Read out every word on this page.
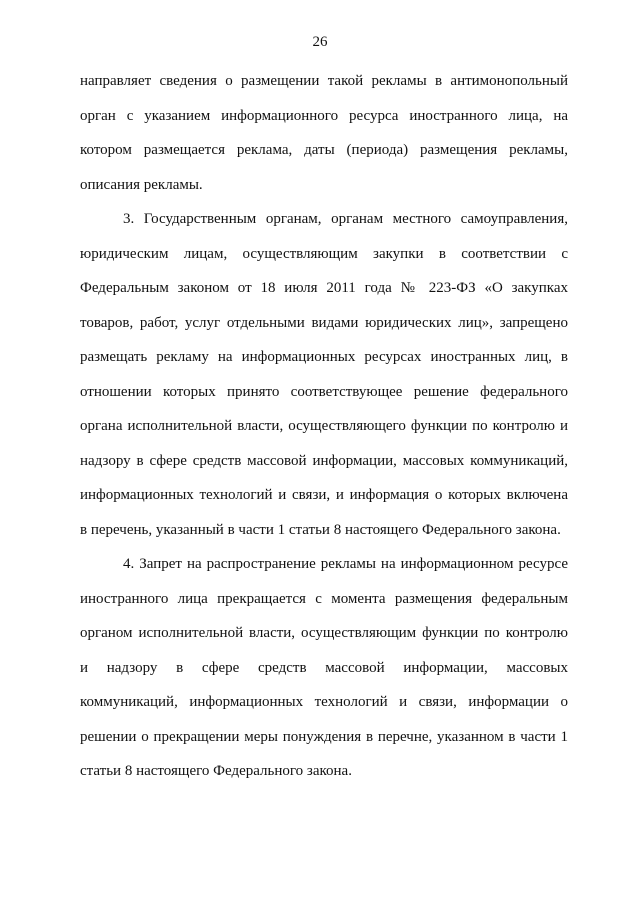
26
направляет сведения о размещении такой рекламы в антимонопольный
орган с указанием информационного ресурса иностранного лица, на
котором размещается реклама, даты (периода) размещения рекламы,
описания рекламы.
3. Государственным органам, органам местного самоуправления,
юридическим лицам, осуществляющим закупки в соответствии с
Федеральным законом от 18 июля 2011 года № 223-ФЗ «О закупках
товаров, работ, услуг отдельными видами юридических лиц», запрещено
размещать рекламу на информационных ресурсах иностранных лиц, в
отношении которых принято соответствующее решение федерального
органа исполнительной власти, осуществляющего функции по контролю и
надзору в сфере средств массовой информации, массовых коммуникаций,
информационных технологий и связи, и информация о которых включена
в перечень, указанный в части 1 статьи 8 настоящего Федерального закона.
4. Запрет на распространение рекламы на информационном ресурсе
иностранного лица прекращается с момента размещения федеральным
органом исполнительной власти, осуществляющим функции по контролю
и надзору в сфере средств массовой информации, массовых
коммуникаций, информационных технологий и связи, информации о
решении о прекращении меры понуждения в перечне, указанном в части 1
статьи 8 настоящего Федерального закона.
